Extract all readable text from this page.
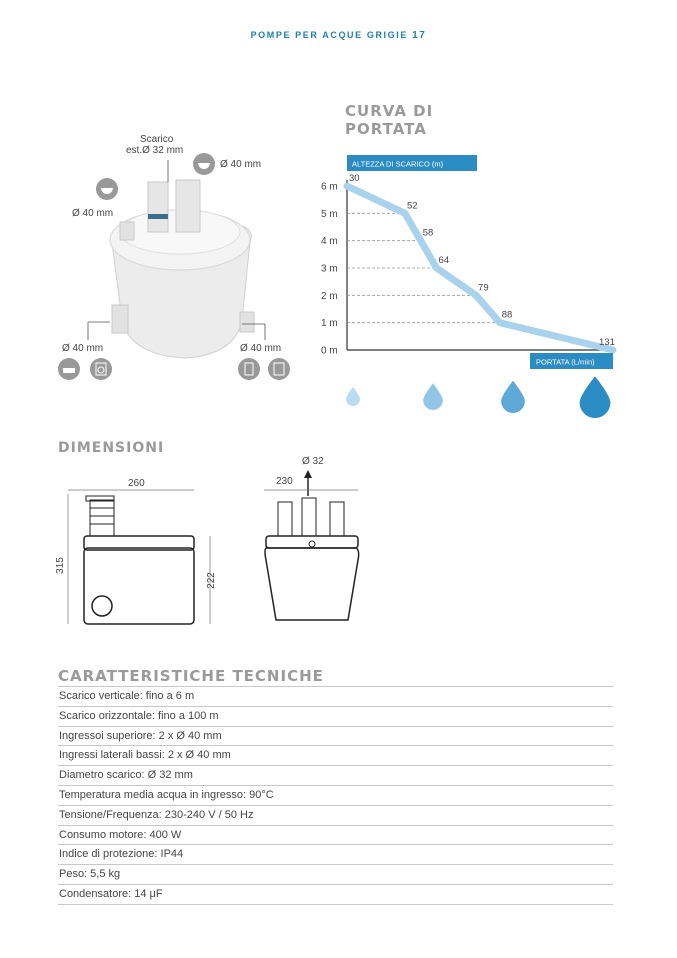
POMPE PER ACQUE GRIGIE 17
Scarico
est.Ø 32 mm
Ø 40 mm
Ø 40 mm
Ø 40 mm	Ø 40 mm
CURVA DI
PORTATA
ALTEZZA DI SCARICO (m)
6 m
5 m
4 m
3 m
2 m
1 m
0 m
30
52
58
64
79
88
131
PORTATA (L/min)
DIMENSIONI
260
315
222
230
Ø 32
CARATTERISTICHE TECNICHE
Scarico verticale: fino a 6 m
Scarico orizzontale: fino a 100 m
Ingressoi superiore: 2 x Ø 40 mm
Ingressi laterali bassi: 2 x Ø 40 mm
Diametro scarico: Ø 32 mm
Temperatura media acqua in ingresso: 90°C
Tensione/Frequenza: 230-240 V / 50 Hz
Consumo motore: 400 W
Indice di protezione: IP44
Peso: 5,5 kg
Condensatore: 14 μF
